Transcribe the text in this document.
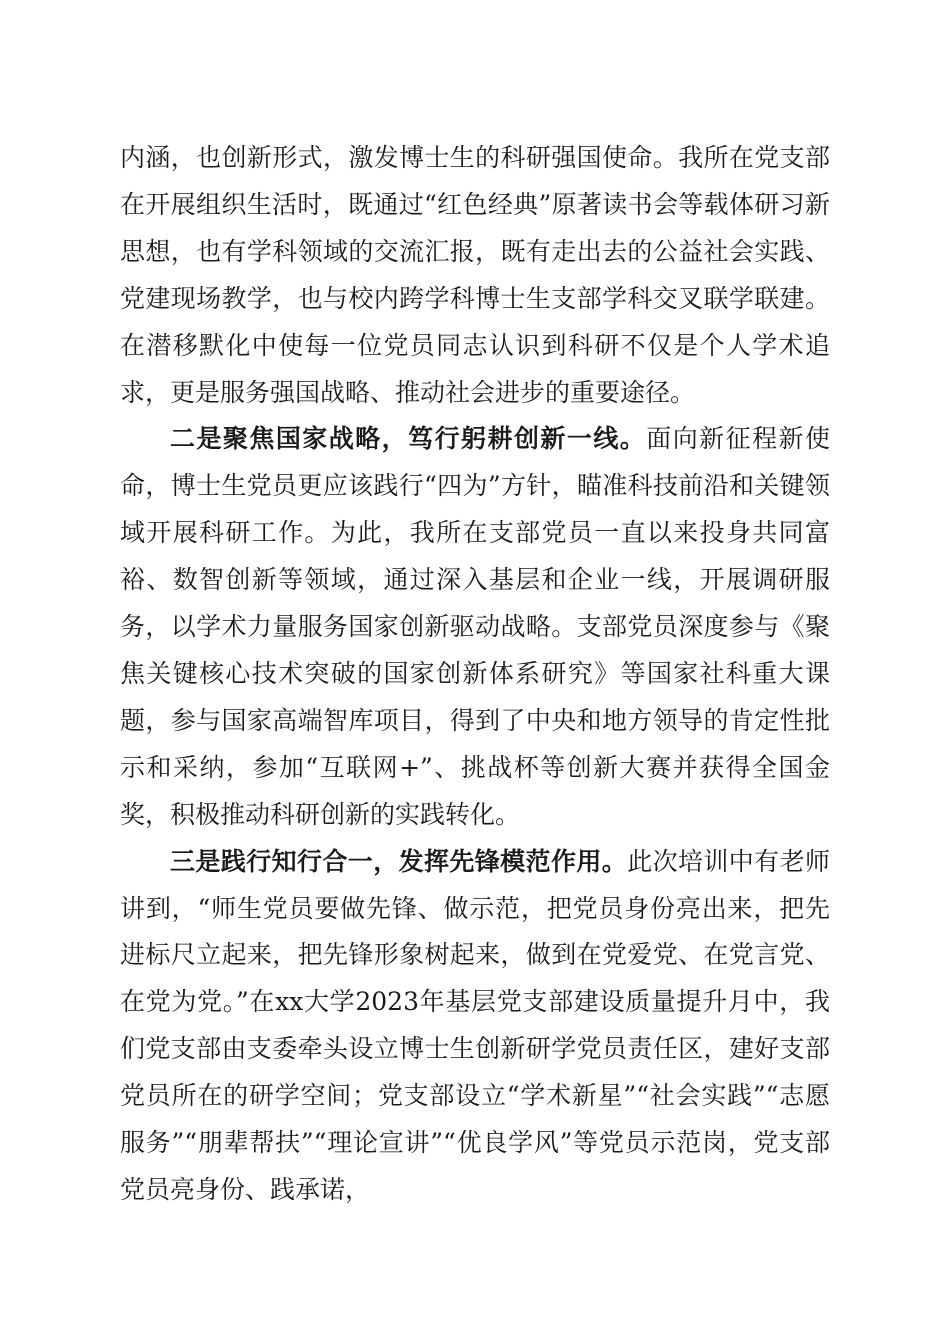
内涵，也创新形式，激发博士生的科研强国使命。我所在党支部在开展组织生活时，既通过“红色经典”原著读书会等载体研习新思想，也有学科领域的交流汇报，既有走出去的公益社会实践、党建现场教学，也与校内跨学科博士生支部学科交叉联学联建。在潜移默化中使每一位党员同志认识到科研不仅是个人学术追求，更是服务强国战略、推动社会进步的重要途径。

二是聚焦国家战略，笃行躬耕创新一线。面向新征程新使命，博士生党员更应该践行“四为”方针，瞄准科技前沿和关键领域开展科研工作。为此，我所在支部党员一直以来投身共同富裕、数智创新等领域，通过深入基层和企业一线，开展调研服务，以学术力量服务国家创新驱动战略。支部党员深度参与《聚焦关键核心技术突破的国家创新体系研究》等国家社科重大课题，参与国家高端智库项目，得到了中央和地方领导的肯定性批示和采纳，参加“互联网+”、挑战杯等创新大赛并获得全国金奖，积极推动科研创新的实践转化。

三是践行知行合一，发挥先锋模范作用。此次培训中有老师讲到，“师生党员要做先锋、做示范，把党员身份亮出来，把先进标尺立起来，把先锋形象树起来，做到在党爱党、在党言党、在党为党。”在xx大学2023年基层党支部建设质量提升月中，我们党支部由支委牵头设立博士生创新研学党员责任区，建好支部党员所在的研学空间；党支部设立“学术新星”“社会实践”“志愿服务”“朋辈帮扶”“理论宣讲”“优良学风”等党员示范岗，党支部党员亮身份、践承诺，
